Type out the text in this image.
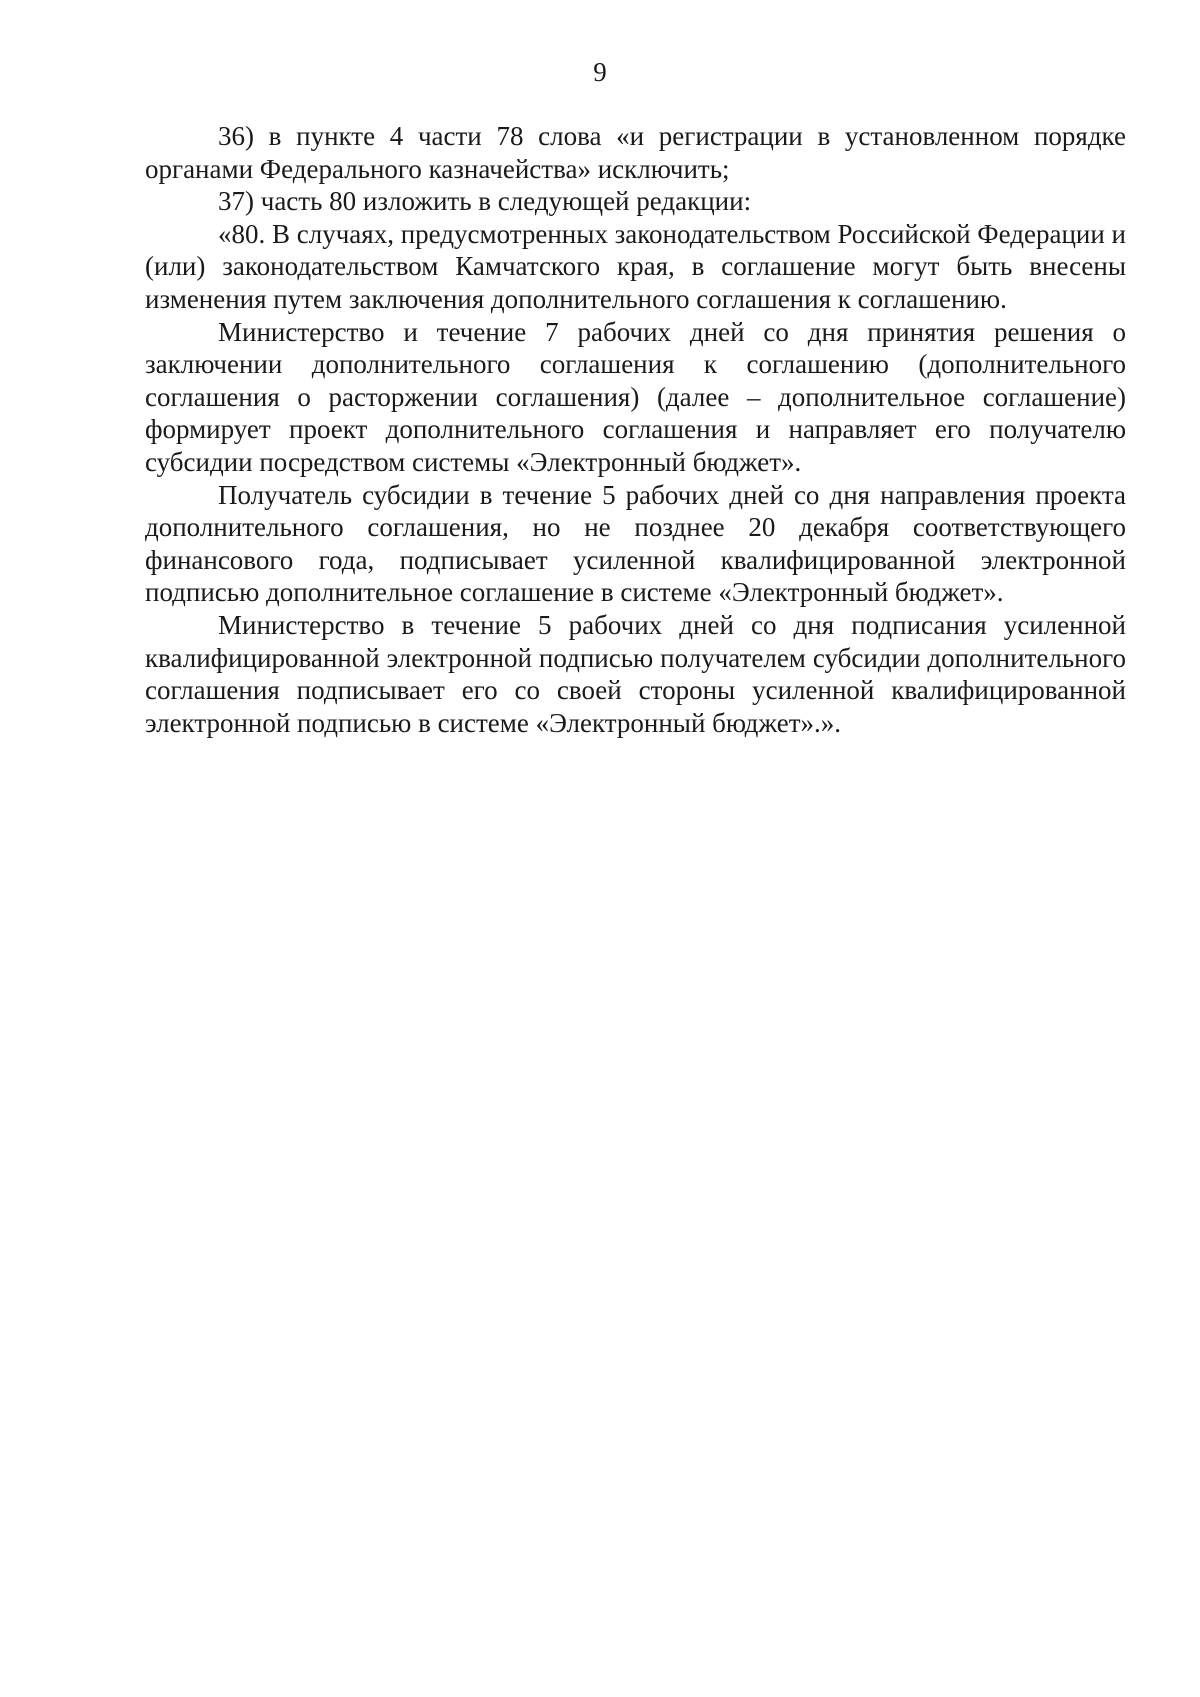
9

36) в пункте 4 части 78 слова «и регистрации в установленном порядке органами Федерального казначейства» исключить;

37) часть 80 изложить в следующей редакции:

«80. В случаях, предусмотренных законодательством Российской Федерации и (или) законодательством Камчатского края, в соглашение могут быть внесены изменения путем заключения дополнительного соглашения к соглашению.

Министерство и течение 7 рабочих дней со дня принятия решения о заключении дополнительного соглашения к соглашению (дополнительного соглашения о расторжении соглашения) (далее – дополнительное соглашение) формирует проект дополнительного соглашения и направляет его получателю субсидии посредством системы «Электронный бюджет».

Получатель субсидии в течение 5 рабочих дней со дня направления проекта дополнительного соглашения, но не позднее 20 декабря соответствующего финансового года, подписывает усиленной квалифицированной электронной подписью дополнительное соглашение в системе «Электронный бюджет».

Министерство в течение 5 рабочих дней со дня подписания усиленной квалифицированной электронной подписью получателем субсидии дополнительного соглашения подписывает его со своей стороны усиленной квалифицированной электронной подписью в системе «Электронный бюджет».».
